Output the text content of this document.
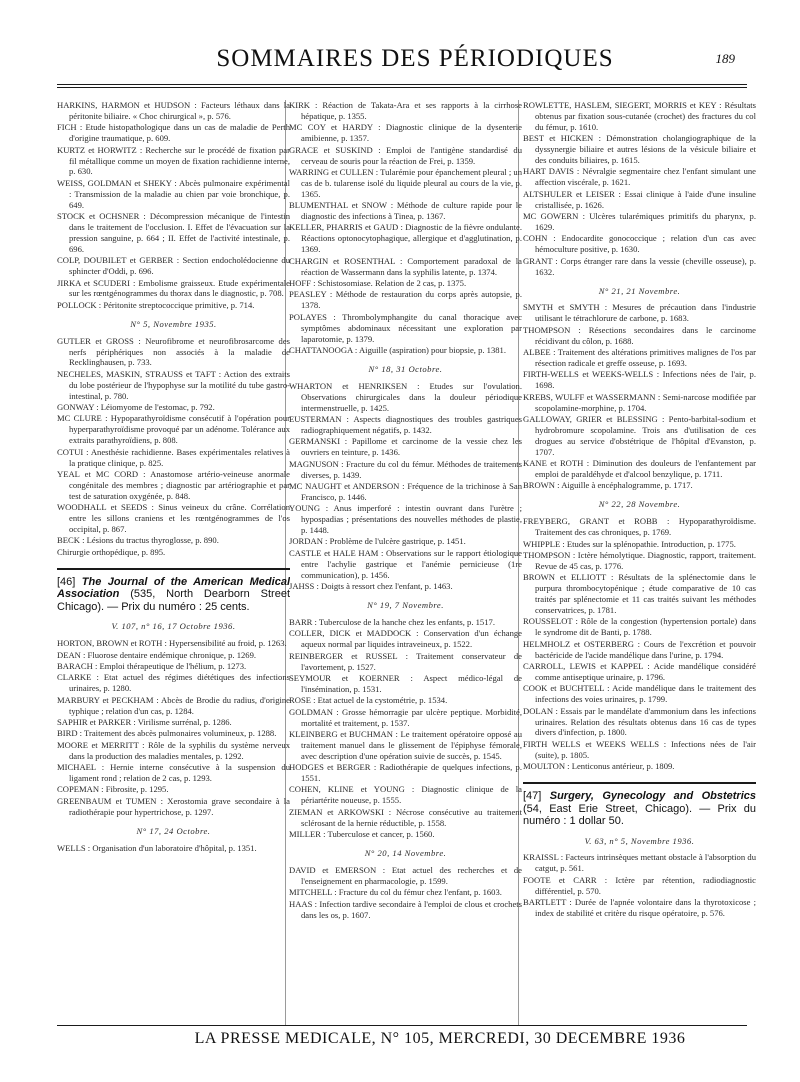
SOMMAIRES DES PÉRIODIQUES	189
HARKINS, HARMON et HUDSON : Facteurs léthaux dans la péritonite biliaire. « Choc chirurgical », p. 576.
FICH : Etude histopathologique dans un cas de maladie de Perth d'origine traumatique, p. 609.
KURTZ et HORWITZ : Recherche sur le procédé de fixation par fil métallique comme un moyen de fixation rachidienne interne, p. 630.
WEISS, GOLDMAN et SHEKY : Abcès pulmonaire expérimental : Transmission de la maladie au chien par voie bronchique, p. 649.
STOCK et OCHSNER : Décompression mécanique de l'intestin dans le traitement de l'occlusion. I. Effet de l'évacuation sur la pression sanguine, p. 664 ; II. Effet de l'activité intestinale, p. 696.
COLP, DOUBILET et GERBER : Section endocholédocienne du sphincter d'Oddi, p. 696.
JIRKA et SCUDERI : Embolisme graisseux. Etude expérimentale sur les rœntgénogrammes du thorax dans le diagnostic, p. 708.
POLLOCK : Péritonite streptococcique primitive, p. 714.
N° 5, Novembre 1935.
GUTLER et GROSS : Neurofibrome et neurofibrosarcome des nerfs périphériques non associés à la maladie de Recklinghausen, p. 733.
NECHELES, MASKIN, STRAUSS et TAFT : Action des extraits du lobe postérieur de l'hypophyse sur la motilité du tube gastro-intestinal, p. 780.
GONWAY : Léiomyome de l'estomac, p. 792.
MC CLURE : Hypoparathyroïdisme consécutif à l'opération pour hyperparathyroïdisme provoqué par un adénome. Tolérance aux extraits parathyroïdiens, p. 808.
COTUI : Anesthésie rachidienne. Bases expérimentales relatives à la pratique clinique, p. 825.
YEAL et MC CORD : Anastomose artério-veineuse anormale congénitale des membres ; diagnostic par artériographie et par test de saturation oxygénée, p. 848.
WOODHALL et SEEDS : Sinus veineux du crâne. Corrélation entre les sillons craniens et les rœntgénogrammes de l'os occipital, p. 867.
BECK : Lésions du tractus thyroglosse, p. 890.
Chirurgie orthopédique, p. 895.
[46] The Journal of the American Medical Association (535, North Dearborn Street Chicago). — Prix du numéro : 25 cents.
V. 107, n° 16, 17 Octobre 1936.
HORTON, BROWN et ROTH : Hypersensibilité au froid, p. 1263.
DEAN : Fluorose dentaire endémique chronique, p. 1269.
BARACH : Emploi thérapeutique de l'hélium, p. 1273.
CLARKE : Etat actuel des régimes diététiques des infections urinaires, p. 1280.
MARBURY et PECKHAM : Abcès de Brodie du radius, d'origine typhique ; relation d'un cas, p. 1284.
SAPHIR et PARKER : Virilisme surrénal, p. 1286.
BIRD : Traitement des abcès pulmonaires volumineux, p. 1288.
MOORE et MERRITT : Rôle de la syphilis du système nerveux dans la production des maladies mentales, p. 1292.
MICHAEL : Hernie interne consécutive à la suspension du ligament rond ; relation de 2 cas, p. 1293.
COPEMAN : Fibrosite, p. 1295.
GREENBAUM et TUMEN : Xerostomia grave secondaire à la radiothérapie pour hypertrichose, p. 1297.
N° 17, 24 Octobre.
WELLS : Organisation d'un laboratoire d'hôpital, p. 1351.
KIRK : Réaction de Takata-Ara et ses rapports à la cirrhose hépatique, p. 1355.
MC COY et HARDY : Diagnostic clinique de la dysenterie amibienne, p. 1357.
GRACE et SUSKIND : Emploi de l'antigène standardisé du cerveau de souris pour la réaction de Frei, p. 1359.
WARRING et CULLEN : Tularémie pour épanchement pleural ; un cas de b. tularense isolé du liquide pleural au cours de la vie, p. 1365.
BLUMENTHAL et SNOW : Méthode de culture rapide pour le diagnostic des infections à Tinea, p. 1367.
KELLER, PHARRIS et GAUD : Diagnostic de la fièvre ondulante. Réactions optonocytophagique, allergique et d'agglutination, p. 1369.
CHARGIN et ROSENTHAL : Comportement paradoxal de la réaction de Wassermann dans la syphilis latente, p. 1374.
HOFF : Schistosomiase. Relation de 2 cas, p. 1375.
PEASLEY : Méthode de restauration du corps après autopsie, p. 1378.
POLAYES : Thrombolymphangite du canal thoracique avec symptômes abdominaux nécessitant une exploration par laparotomie, p. 1379.
CHATTANOOGA : Aiguille (aspiration) pour biopsie, p. 1381.
N° 18, 31 Octobre.
WHARTON et HENRIKSEN : Etudes sur l'ovulation. Observations chirurgicales dans la douleur périodique intermenstruelle, p. 1425.
EUSTERMAN : Aspects diagnostiques des troubles gastriques radiographiquement négatifs, p. 1432.
GERMANSKI : Papillome et carcinome de la vessie chez les ouvriers en teinture, p. 1436.
MAGNUSON : Fracture du col du fémur. Méthodes de traitements diverses, p. 1439.
MC NAUGHT et ANDERSON : Fréquence de la trichinose à San Francisco, p. 1446.
YOUNG : Anus imperforé : intestin ouvrant dans l'urètre ; hypospadias ; présentations des nouvelles méthodes de plastie, p. 1448.
JORDAN : Problème de l'ulcère gastrique, p. 1451.
CASTLE et HALE HAM : Observations sur le rapport étiologique entre l'achylie gastrique et l'anémie pernicieuse (1re communication), p. 1456.
JAHSS : Doigts à ressort chez l'enfant, p. 1463.
N° 19, 7 Novembre.
BARR : Tuberculose de la hanche chez les enfants, p. 1517.
COLLER, DICK et MADDOCK : Conservation d'un échange aqueux normal par liquides intraveineux, p. 1522.
REINBERGER et RUSSEL : Traitement conservateur de l'avortement, p. 1527.
SEYMOUR et KOERNER : Aspect médico-légal de l'insémination, p. 1531.
ROSE : Etat actuel de la cystométrie, p. 1534.
GOLDMAN : Grosse hémorragie par ulcère peptique. Morbidité, mortalité et traitement, p. 1537.
KLEINBERG et BUCHMAN : Le traitement opératoire opposé au traitement manuel dans le glissement de l'épiphyse fémorale, avec description d'une opération suivie de succès, p. 1545.
HODGES et BERGER : Radiothérapie de quelques infections, p. 1551.
COHEN, KLINE et YOUNG : Diagnostic clinique de la périartérite noueuse, p. 1555.
ZIEMAN et ARKOWSKI : Nécrose consécutive au traitement sclérosant de la hernie réductible, p. 1558.
MILLER : Tuberculose et cancer, p. 1560.
N° 20, 14 Novembre.
DAVID et EMERSON : Etat actuel des recherches et de l'enseignement en pharmacologie, p. 1599.
MITCHELL : Fracture du col du fémur chez l'enfant, p. 1603.
HAAS : Infection tardive secondaire à l'emploi de clous et crochets dans les os, p. 1607.
ROWLETTE, HASLEM, SIEGERT, MORRIS et KEY : Résultats obtenus par fixation sous-cutanée (crochet) des fractures du col du fémur, p. 1610.
BEST et HICKEN : Démonstration cholangiographique de la dyssynergie biliaire et autres lésions de la vésicule biliaire et des conduits biliaires, p. 1615.
HART DAVIS : Névralgie segmentaire chez l'enfant simulant une affection viscérale, p. 1621.
ALTSHULER et LEISER : Essai clinique à l'aide d'une insuline cristallisée, p. 1626.
MC GOWERN : Ulcères tularémiques primitifs du pharynx, p. 1629.
COHN : Endocardite gonococcique ; relation d'un cas avec hémoculture positive, p. 1630.
GRANT : Corps étranger rare dans la vessie (cheville osseuse), p. 1632.
N° 21, 21 Novembre.
SMYTH et SMYTH : Mesures de précaution dans l'industrie utilisant le tétrachlorure de carbone, p. 1683.
THOMPSON : Résections secondaires dans le carcinome récidivant du côlon, p. 1688.
ALBEE : Traitement des altérations primitives malignes de l'os par résection radicale et greffe osseuse, p. 1693.
FIRTH-WELLS et WEEKS-WELLS : Infections nées de l'air, p. 1698.
KREBS, WULFF et WASSERMANN : Semi-narcose modifiée par scopolamine-morphine, p. 1704.
GALLOWAY, GRIER et BLESSING : Pento-barbital-sodium et hydrobromure scopolamine. Trois ans d'utilisation de ces drogues au service d'obstétrique de l'hôpital d'Evanston, p. 1707.
KANE et ROTH : Diminution des douleurs de l'enfantement par emploi de paraldéhyde et d'alcool benzylique, p. 1711.
BROWN : Aiguille à encéphalogramme, p. 1717.
N° 22, 28 Novembre.
FREYBERG, GRANT et ROBB : Hypoparathyroïdisme. Traitement des cas chroniques, p. 1769.
WHIPPLE : Etudes sur la splénopathie. Introduction, p. 1775.
THOMPSON : Ictère hémolytique. Diagnostic, rapport, traitement. Revue de 45 cas, p. 1776.
BROWN et ELLIOTT : Résultats de la splénectomie dans le purpura thrombocytopénique ; étude comparative de 10 cas traités par splénectomie et 11 cas traités suivant les méthodes conservatrices, p. 1781.
ROUSSELOT : Rôle de la congestion (hypertension portale) dans le syndrome dit de Banti, p. 1788.
HELMHOLZ et OSTERBERG : Cours de l'excrétion et pouvoir bactéricide de l'acide mandélique dans l'urine, p. 1794.
CARROLL, LEWIS et KAPPEL : Acide mandélique considéré comme antiseptique urinaire, p. 1796.
COOK et BUCHTELL : Acide mandélique dans le traitement des infections des voies urinaires, p. 1799.
DOLAN : Essais par le mandélate d'ammonium dans les infections urinaires. Relation des résultats obtenus dans 16 cas de types divers d'infection, p. 1800.
FIRTH WELLS et WEEKS WELLS : Infections nées de l'air (suite), p. 1805.
MOULTON : Lenticonus antérieur, p. 1809.
[47] Surgery, Gynecology and Obstetrics (54, East Erie Street, Chicago). — Prix du numéro : 1 dollar 50.
V. 63, n° 5, Novembre 1936.
KRAISSL : Facteurs intrinsèques mettant obstacle à l'absorption du catgut, p. 561.
FOOTE et CARR : Ictère par rétention, radiodiagnostic différentiel, p. 570.
BARTLETT : Durée de l'apnée volontaire dans la thyrotoxicose ; index de stabilité et critère du risque opératoire, p. 576.
LA PRESSE MEDICALE, N° 105, MERCREDI, 30 DECEMBRE 1936
